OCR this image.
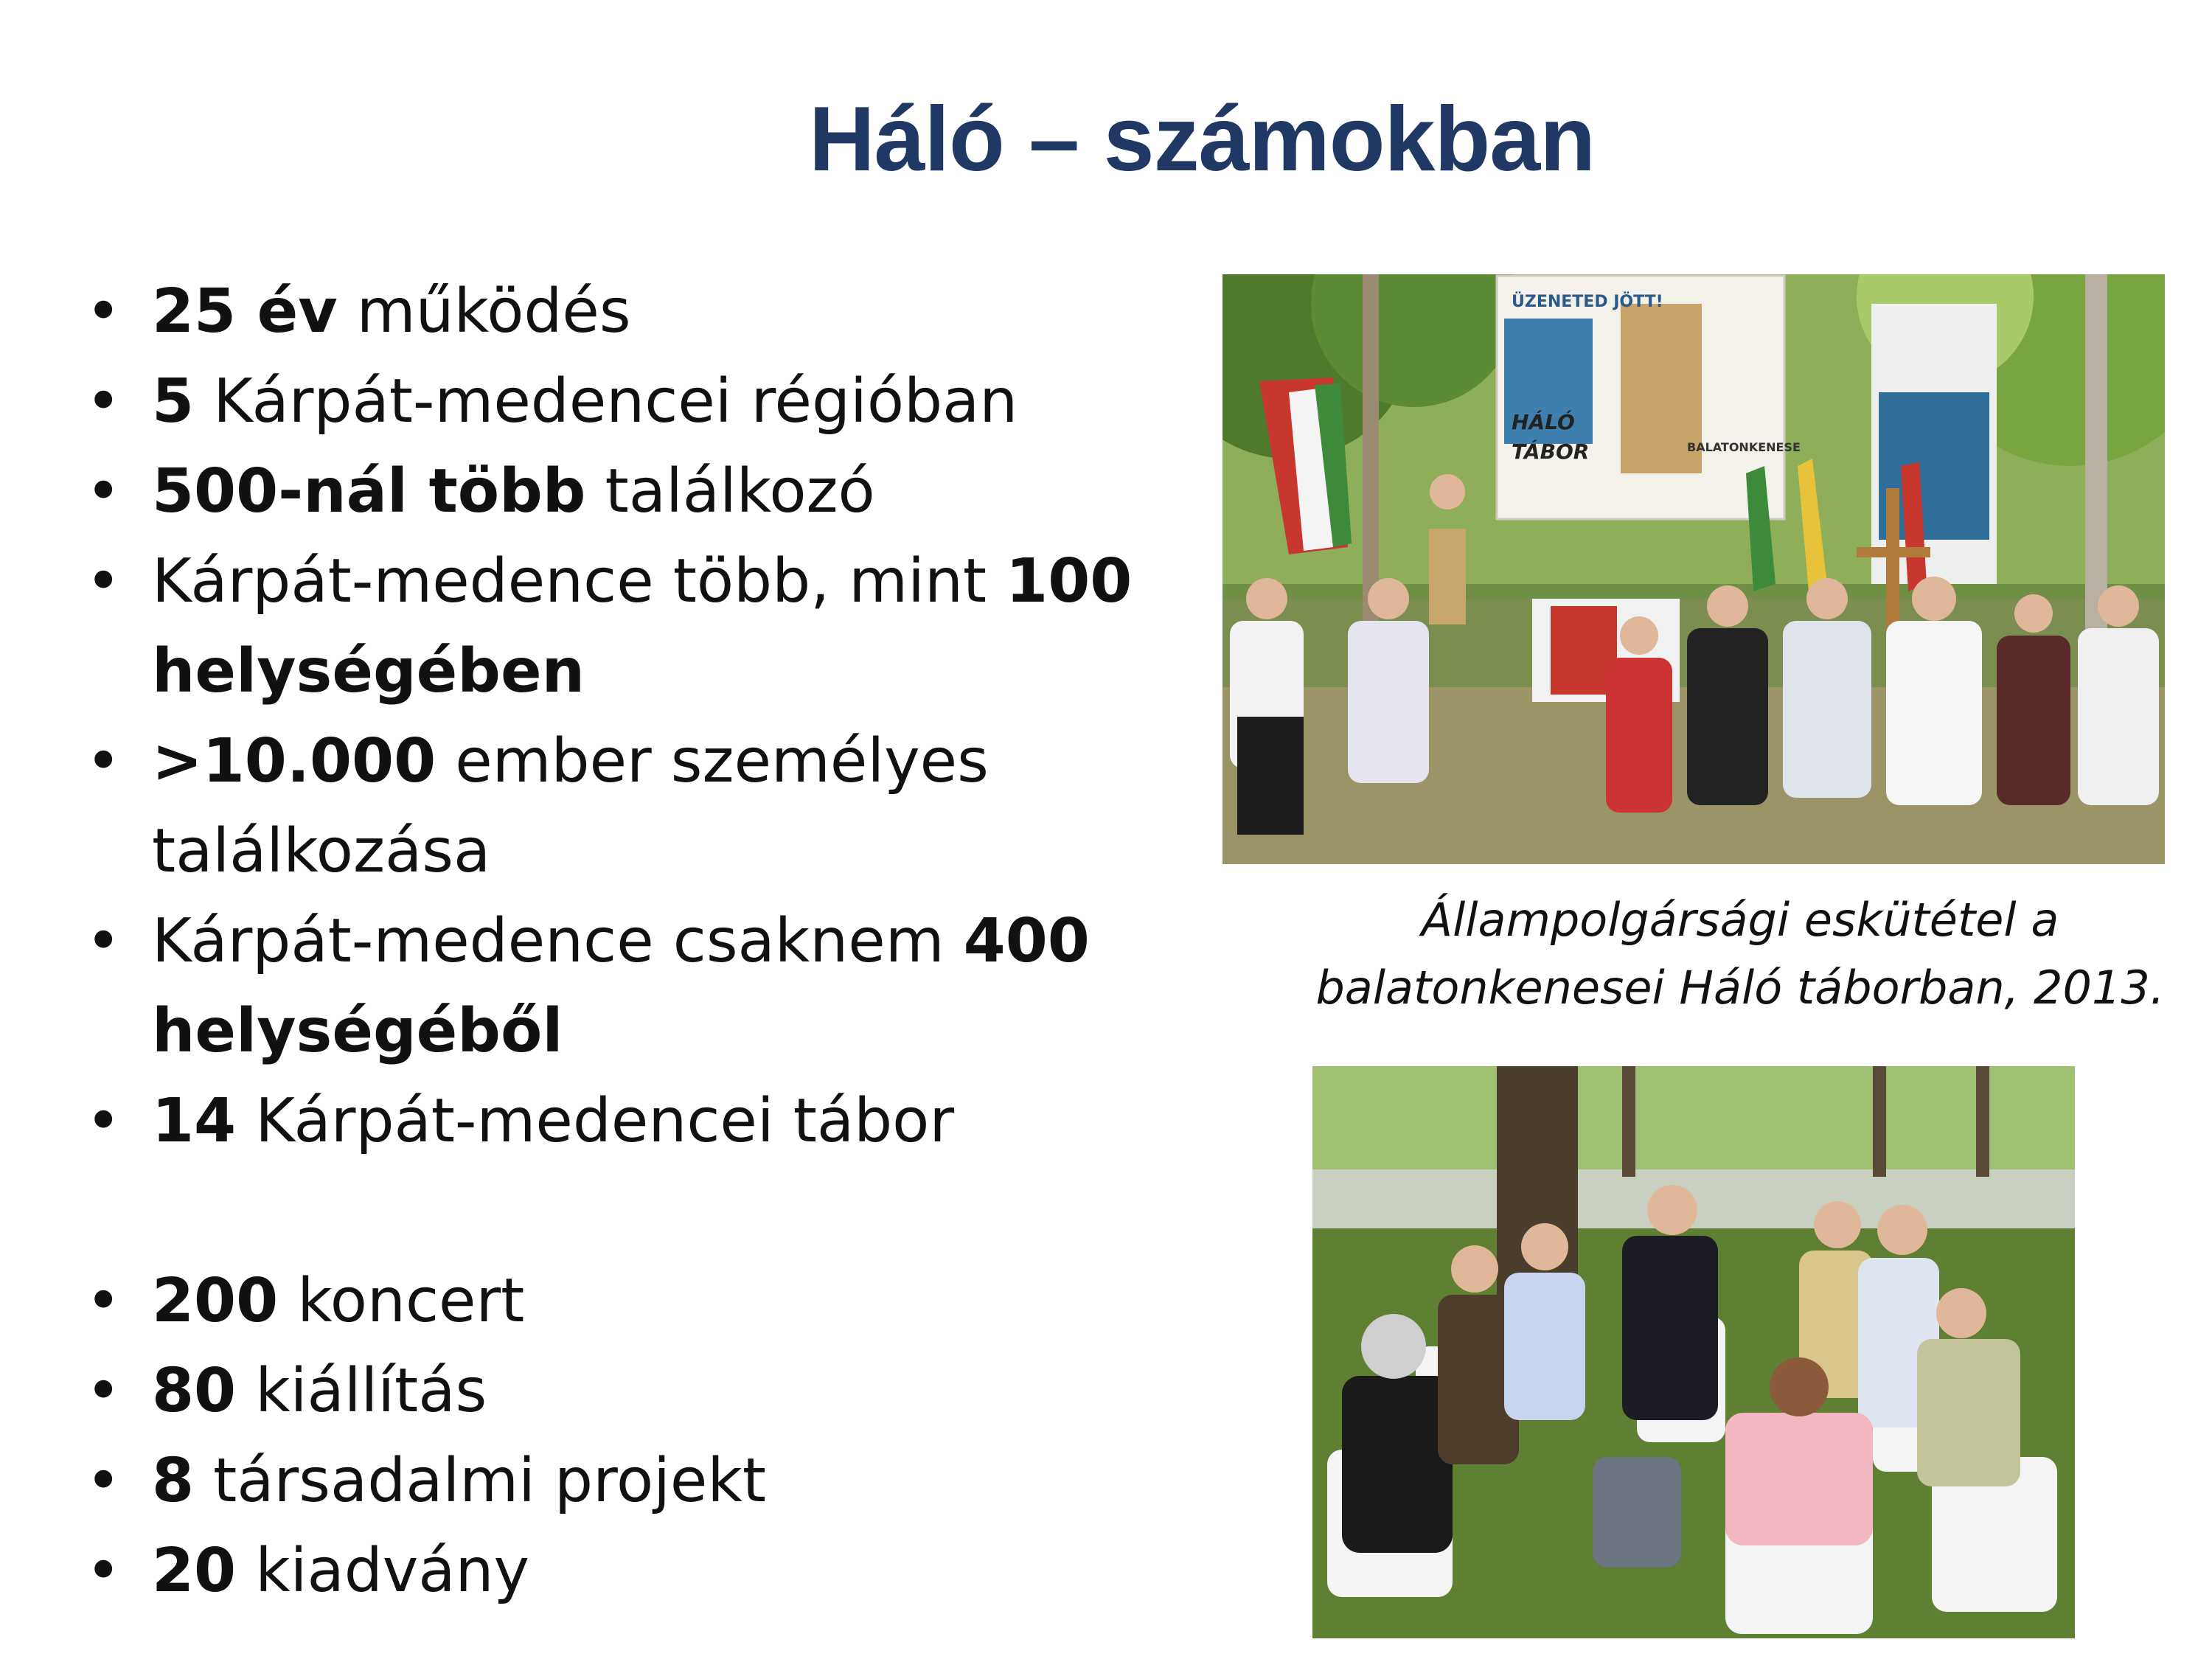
Háló – számokban
• 25 év működés
• 5 Kárpát-medencei régióban
• 500-nál több találkozó
• Kárpát-medence több, mint 100 helységében
• >10.000 ember személyes találkozása
• Kárpát-medence csaknem 400 helységéből
• 14 Kárpát-medencei tábor
• 200 koncert
• 80 kiállítás
• 8 társadalmi projekt
• 20 kiadvány
ÜZENETED JÖTT!
HÁLÓ
TÁBOR	BALATONKENESE
Állampolgársági eskütétel a
balatonkenesei Háló táborban, 2013.
